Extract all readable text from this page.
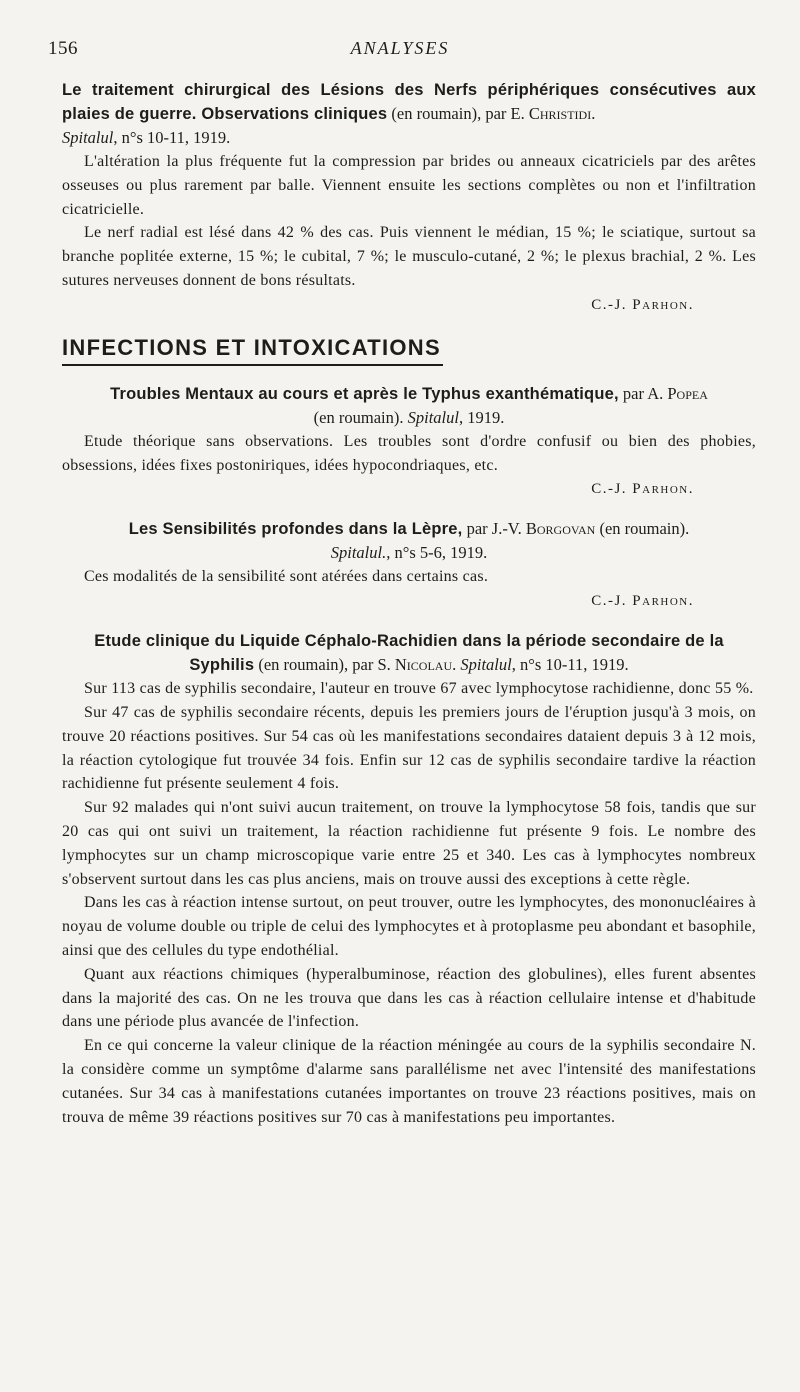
156	ANALYSES

Le traitement chirurgical des Lésions des Nerfs périphériques consécutives aux plaies de guerre. Observations cliniques (en roumain), par E. Christidi.
Spitalul, n°s 10-11, 1919.

L'altération la plus fréquente fut la compression par brides ou anneaux cicatriciels par des arêtes osseuses ou plus rarement par balle. Viennent ensuite les sections complètes ou non et l'infiltration cicatricielle.

Le nerf radial est lésé dans 42 % des cas. Puis viennent le médian, 15 %; le sciatique, surtout sa branche poplitée externe, 15 %; le cubital, 7 %; le musculo-cutané, 2 %; le plexus brachial, 2 %. Les sutures nerveuses donnent de bons résultats.

C.-J. Parhon.

INFECTIONS ET INTOXICATIONS

Troubles Mentaux au cours et après le Typhus exanthématique, par A. Popea
(en roumain). Spitalul, 1919.

Etude théorique sans observations. Les troubles sont d'ordre confusif ou bien des phobies, obsessions, idées fixes postoniriques, idées hypocondriaques, etc.

C.-J. Parhon.

Les Sensibilités profondes dans la Lèpre, par J.-V. Borgovan (en roumain).
Spitalul., n°s 5-6, 1919.

Ces modalités de la sensibilité sont atérées dans certains cas.

C.-J. Parhon.

Etude clinique du Liquide Céphalo-Rachidien dans la période secondaire de la Syphilis (en roumain), par S. Nicolau. Spitalul, n°s 10-11, 1919.

Sur 113 cas de syphilis secondaire, l'auteur en trouve 67 avec lymphocytose rachidienne, donc 55 %.

Sur 47 cas de syphilis secondaire récents, depuis les premiers jours de l'éruption jusqu'à 3 mois, on trouve 20 réactions positives. Sur 54 cas où les manifestations secondaires dataient depuis 3 à 12 mois, la réaction cytologique fut trouvée 34 fois. Enfin sur 12 cas de syphilis secondaire tardive la réaction rachidienne fut présente seulement 4 fois.

Sur 92 malades qui n'ont suivi aucun traitement, on trouve la lymphocytose 58 fois, tandis que sur 20 cas qui ont suivi un traitement, la réaction rachidienne fut présente 9 fois. Le nombre des lymphocytes sur un champ microscopique varie entre 25 et 340. Les cas à lymphocytes nombreux s'observent surtout dans les cas plus anciens, mais on trouve aussi des exceptions à cette règle.

Dans les cas à réaction intense surtout, on peut trouver, outre les lymphocytes, des mononucléaires à noyau de volume double ou triple de celui des lymphocytes et à protoplasme peu abondant et basophile, ainsi que des cellules du type endothélial.

Quant aux réactions chimiques (hyperalbuminose, réaction des globulines), elles furent absentes dans la majorité des cas. On ne les trouva que dans les cas à réaction cellulaire intense et d'habitude dans une période plus avancée de l'infection.

En ce qui concerne la valeur clinique de la réaction méningée au cours de la syphilis secondaire N. la considère comme un symptôme d'alarme sans parallélisme net avec l'intensité des manifestations cutanées. Sur 34 cas à manifestations cutanées importantes on trouve 23 réactions positives, mais on trouva de même 39 réactions positives sur 70 cas à manifestations peu importantes.
